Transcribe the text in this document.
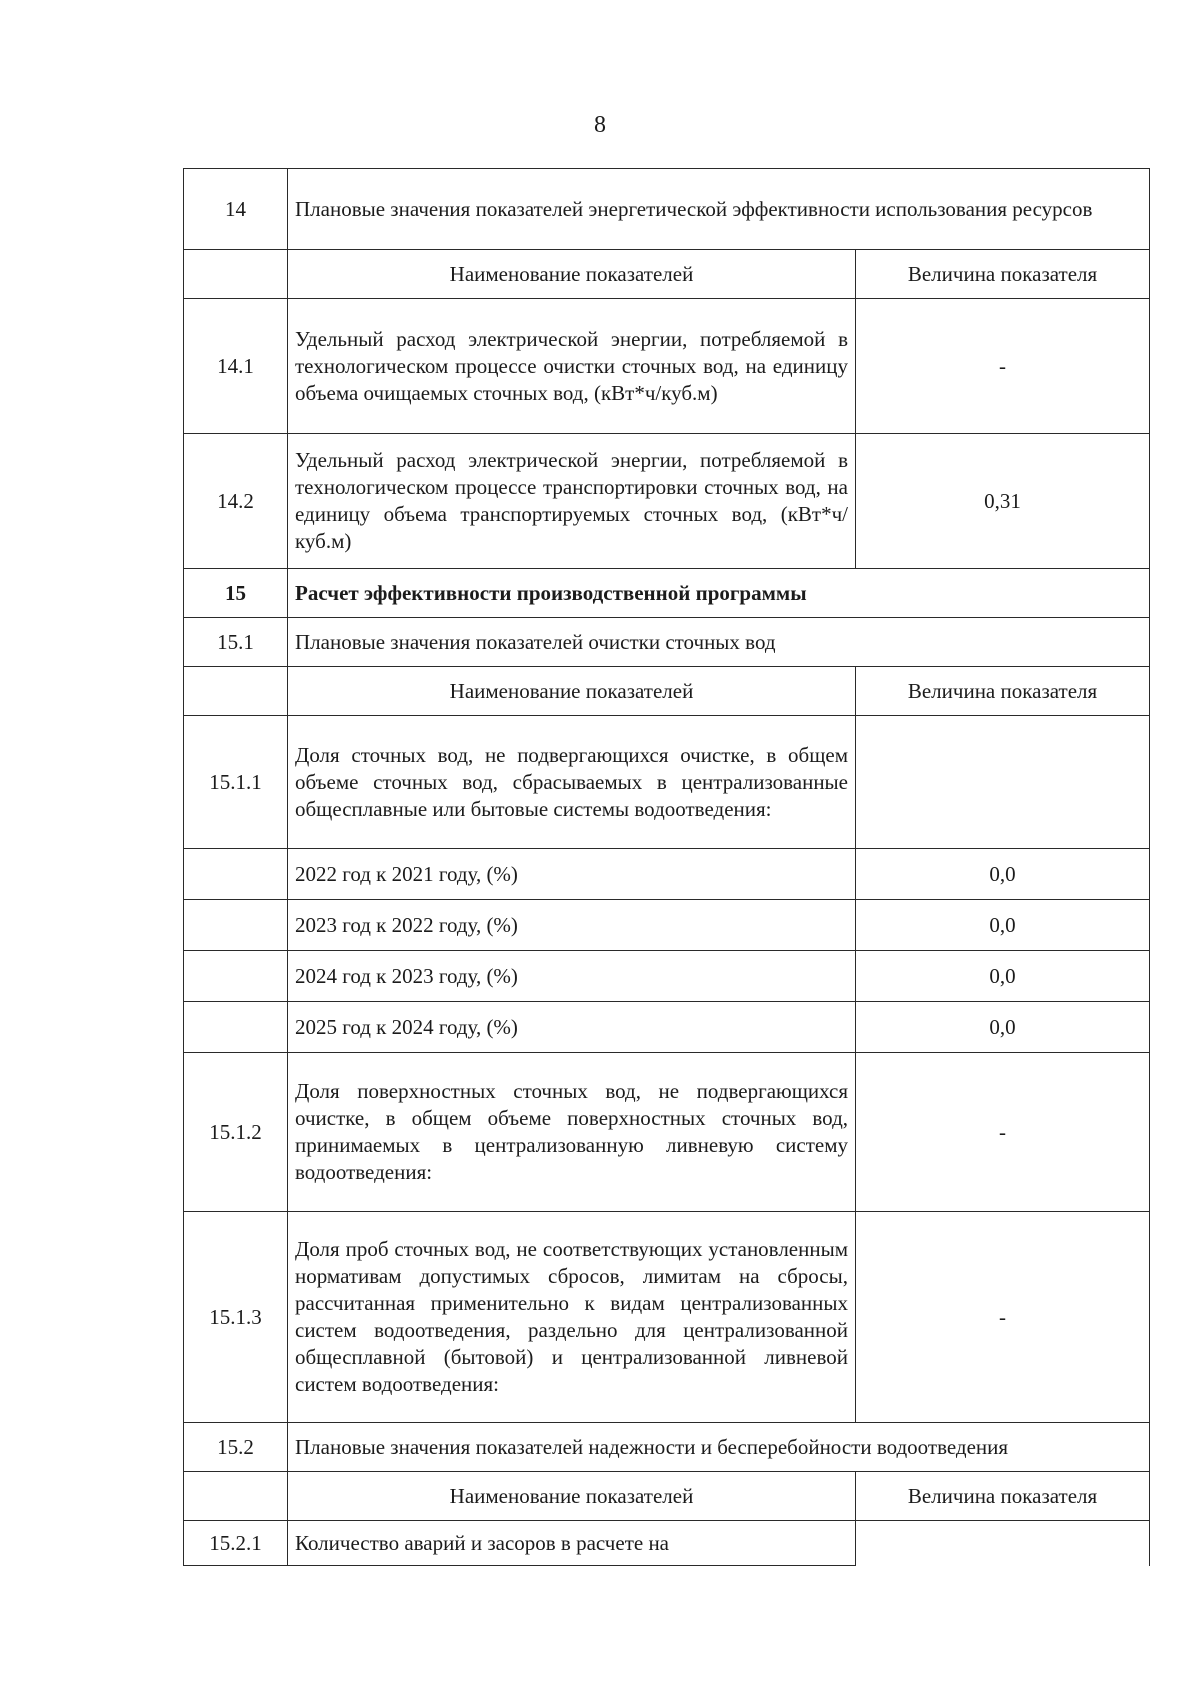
8
14	Плановые значения показателей энергетической эффективности использования ресурсов	
	Наименование показателей	Величина показателя
14.1	Удельный расход электрической энергии, потребляемой в технологическом процессе очистки сточных вод, на единицу объема очищаемых сточных вод, (кВт*ч/куб.м)	-
14.2	Удельный расход электрической энергии, потребляемой в технологическом процессе транспортировки сточных вод, на единицу объема транспортируемых сточных вод, (кВт*ч/куб.м)	0,31
15	Расчет эффективности производственной программы	
15.1	Плановые значения показателей очистки сточных вод	
	Наименование показателей	Величина показателя
15.1.1	Доля сточных вод, не подвергающихся очистке, в общем объеме сточных вод, сбрасываемых в централизованные общесплавные или бытовые системы водоотведения:	
	2022 год к 2021 году, (%)	0,0
	2023 год к 2022 году, (%)	0,0
	2024 год к 2023 году, (%)	0,0
	2025 год к 2024 году, (%)	0,0
15.1.2	Доля поверхностных сточных вод, не подвергающихся очистке, в общем объеме поверхностных сточных вод, принимаемых в централизованную ливневую систему водоотведения:	-
15.1.3	Доля проб сточных вод, не соответствующих установленным нормативам допустимых сбросов, лимитам на сбросы, рассчитанная применительно к видам централизованных систем водоотведения, раздельно для централизованной общесплавной (бытовой) и централизованной ливневой систем водоотведения:	-
15.2	Плановые значения показателей надежности и бесперебойности водоотведения	
	Наименование показателей	Величина показателя
15.2.1	Количество аварий и засоров в расчете на	
